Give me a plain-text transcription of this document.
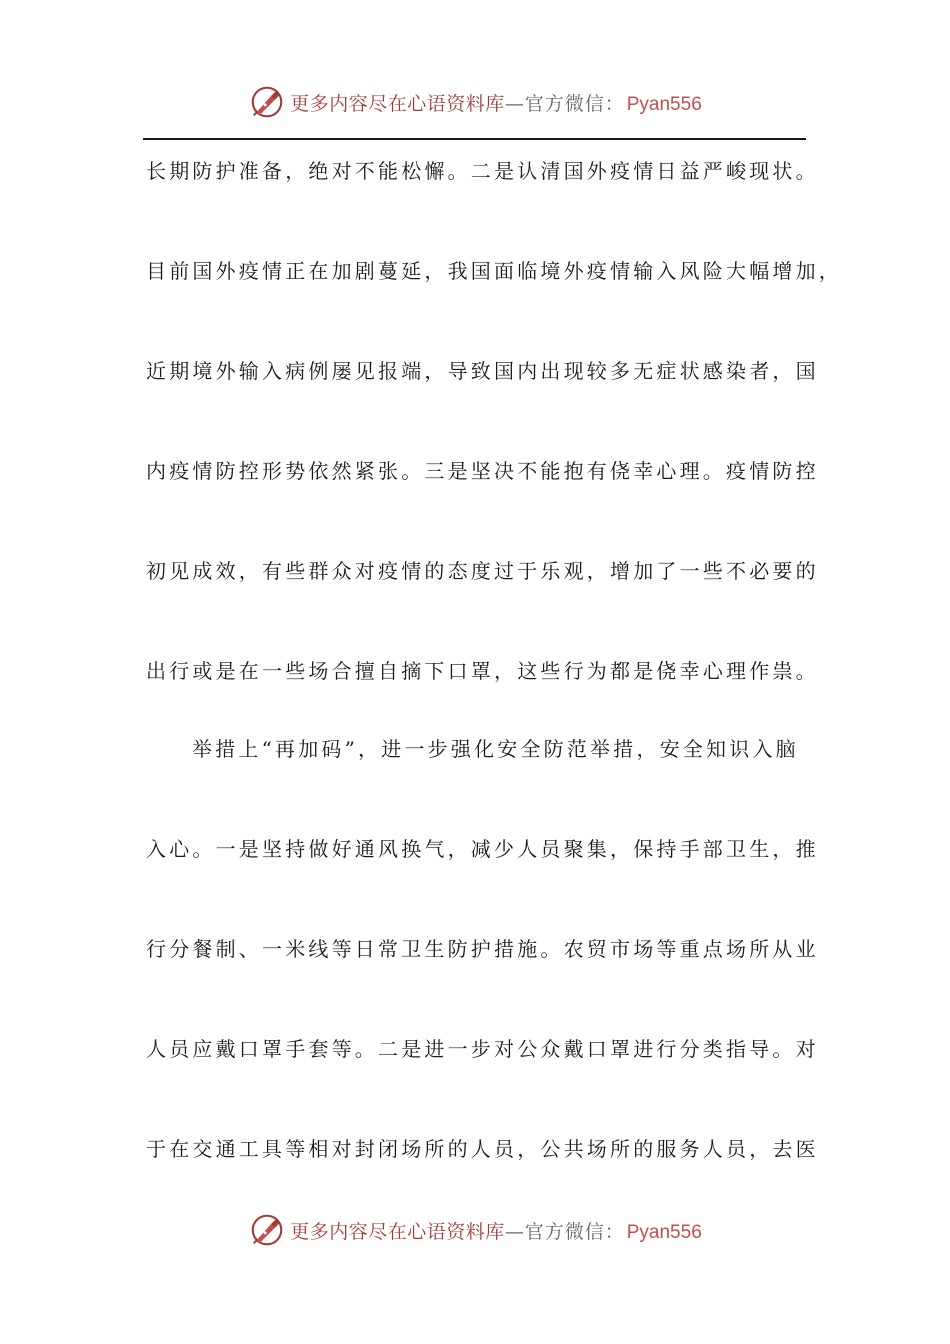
更多内容尽在心语资料库 —官方微信： Pyan556
长期防护准备，绝对不能松懈。二是认清国外疫情日益严峻现状。
目前国外疫情正在加剧蔓延，我国面临境外疫情输入风险大幅增加，
近期境外输入病例屡见报端，导致国内出现较多无症状感染者，国
内疫情防控形势依然紧张。三是坚决不能抱有侥幸心理。疫情防控
初见成效，有些群众对疫情的态度过于乐观，增加了一些不必要的
出行或是在一些场合擅自摘下口罩，这些行为都是侥幸心理作祟。
举措上“再加码”，进一步强化安全防范举措，安全知识入脑
入心。一是坚持做好通风换气，减少人员聚集，保持手部卫生，推
行分餐制、一米线等日常卫生防护措施。农贸市场等重点场所从业
人员应戴口罩手套等。二是进一步对公众戴口罩进行分类指导。对
于在交通工具等相对封闭场所的人员，公共场所的服务人员，去医
更多内容尽在心语资料库 —官方微信： Pyan556
